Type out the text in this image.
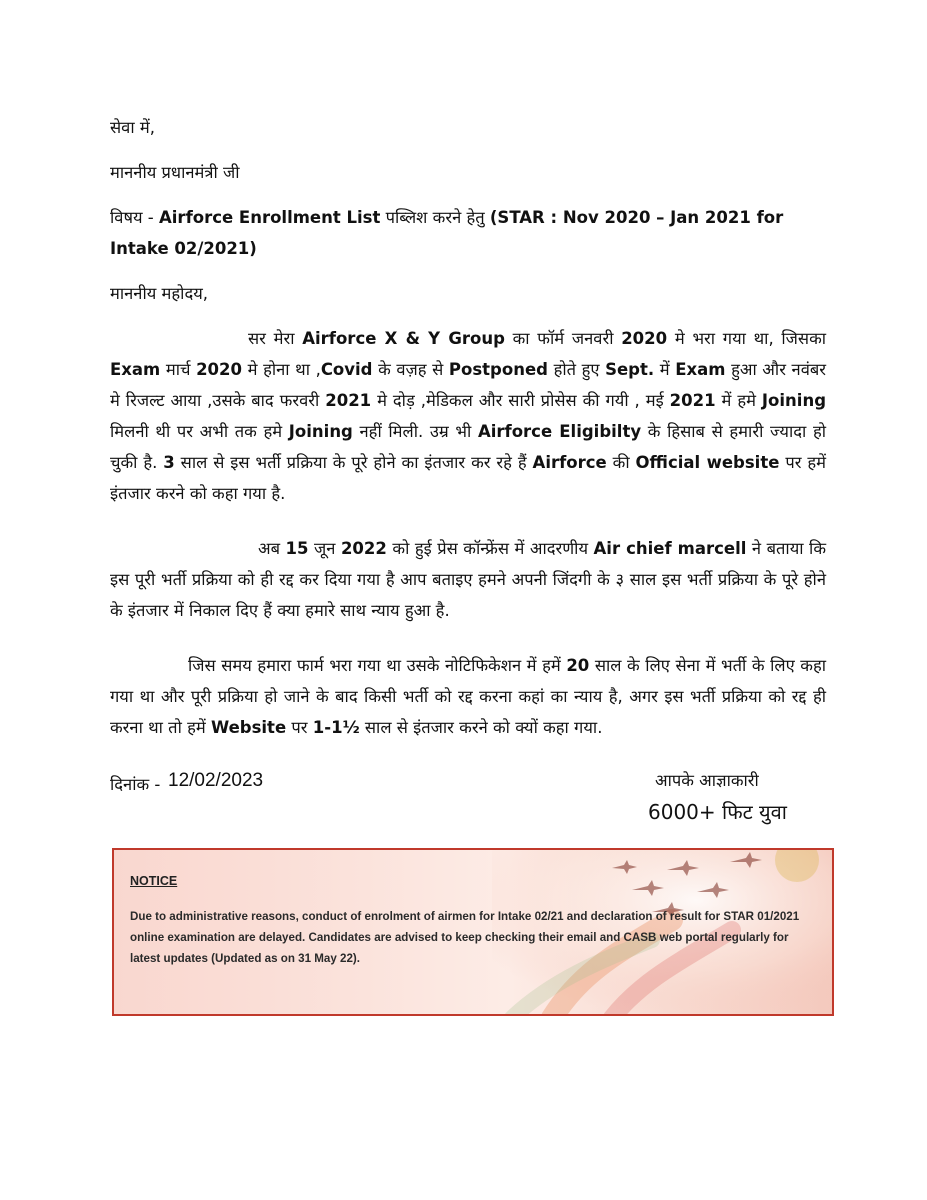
सेवा में,
माननीय प्रधानमंत्री जी
विषय - Airforce Enrollment List पब्लिश करने हेतु (STAR : Nov 2020 – Jan 2021 for Intake 02/2021)
माननीय महोदय,

सर मेरा Airforce X & Y Group का फॉर्म जनवरी 2020 मे भरा गया था, जिसका Exam मार्च 2020 मे होना था ,Covid के वज़ह से Postponed होते हुए Sept. में Exam हुआ और नवंबर मे रिजल्ट आया ,उसके बाद फरवरी 2021 मे दोड़ ,मेडिकल और सारी प्रोसेस की गयी , मई 2021 में हमे Joining मिलनी थी पर अभी तक हमे Joining नहीं मिली. उम्र भी Airforce Eligibilty के हिसाब से हमारी ज्यादा हो चुकी है. 3 साल से इस भर्ती प्रक्रिया के पूरे होने का इंतजार कर रहे हैं Airforce की Official website पर हमें इंतजार करने को कहा गया है.

अब 15 जून 2022 को हुई प्रेस कॉन्फ्रेंस में आदरणीय Air chief marcell ने बताया कि इस पूरी भर्ती प्रक्रिया को ही रद्द कर दिया गया है आप बताइए हमने अपनी जिंदगी के ३ साल इस भर्ती प्रक्रिया के पूरे होने के इंतजार में निकाल दिए हैं क्या हमारे साथ न्याय हुआ है.

जिस समय हमारा फार्म भरा गया था उसके नोटिफिकेशन में हमें 20 साल के लिए सेना में भर्ती के लिए कहा गया था और पूरी प्रक्रिया हो जाने के बाद किसी भर्ती को रद्द करना कहां का न्याय है, अगर इस भर्ती प्रक्रिया को रद्द ही करना था तो हमें Website पर 1-1½ साल से इंतजार करने को क्यों कहा गया.

दिनांक - 12/02/2023	आपके आज्ञाकारी
6000+ फिट युवा
NOTICE
Due to administrative reasons, conduct of enrolment of airmen for Intake 02/21 and declaration of result for STAR 01/2021 online examination are delayed. Candidates are advised to keep checking their email and CASB web portal regularly for latest updates (Updated as on 31 May 22).
